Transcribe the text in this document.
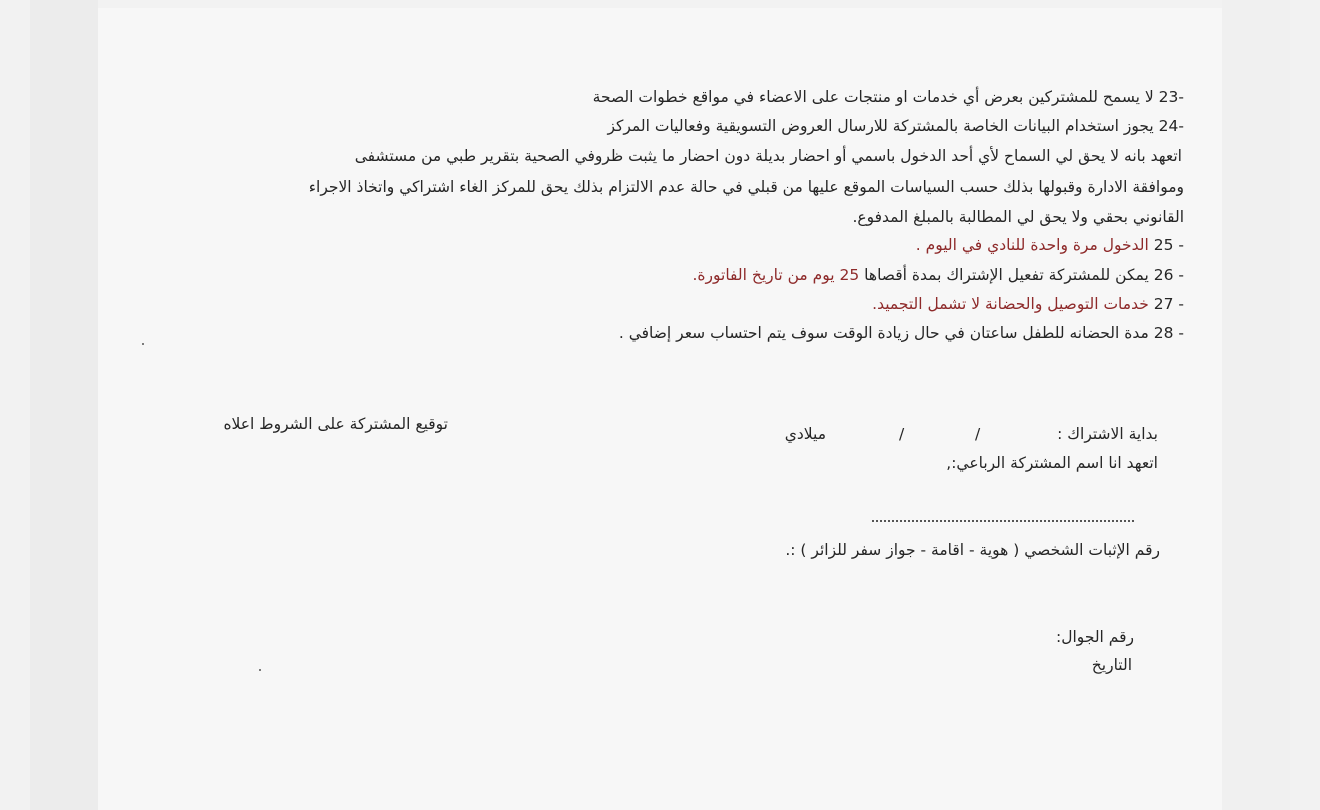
23- لا يسمح للمشتركين بعرض أي خدمات او منتجات على الاعضاء في مواقع خطوات الصحة
24- يجوز استخدام البيانات الخاصة بالمشتركة للارسال العروض التسويقية وفعاليات المركز
اتعهد بانه لا يحق لي السماح لأي أحد الدخول باسمي أو احضار بديلة دون احضار ما يثبت ظروفي الصحية بتقرير طبي من مستشفى
وموافقة الادارة وقبولها بذلك حسب السياسات الموقع عليها من قبلي في حالة عدم الالتزام بذلك يحق للمركز الغاء اشتراكي واتخاذ الاجراء
القانوني بحقي ولا يحق لي المطالبة بالمبلغ المدفوع.
25 - الدخول مرة واحدة للنادي في اليوم .
26 - يمكن للمشتركة تفعيل الإشتراك بمدة أقصاها 25 يوم من تاريخ الفاتورة.
27 - خدمات التوصيل والحضانة لا تشمل التجميد.
28 - مدة الحضانه للطفل ساعتان في حال زيادة الوقت سوف يتم احتساب سعر إضافي .
بداية الاشتراك :
/
/
ميلادي
توقيع المشتركة على الشروط اعلاه
اتعهد انا اسم المشتركة الرباعي:,
رقم الإثبات الشخصي ( هوية - اقامة - جواز سفر للزائر ) :.
رقم الجوال:
التاريخ
